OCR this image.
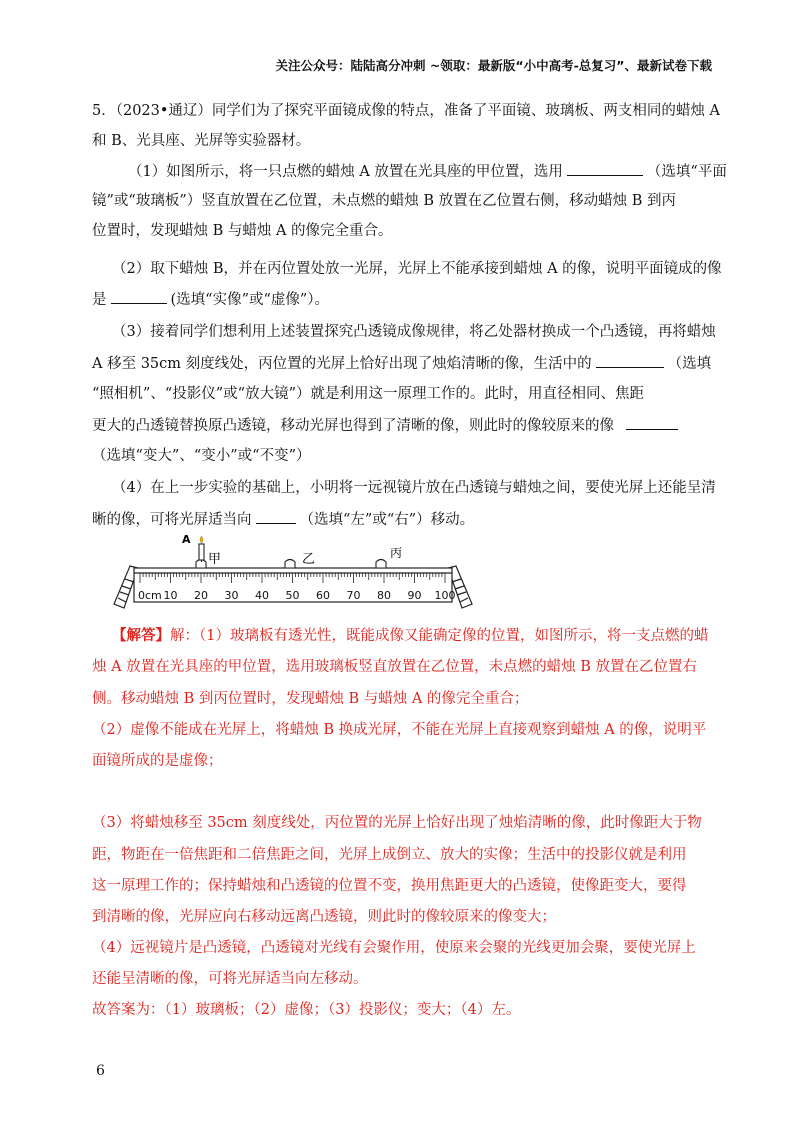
关注公众号：陆陆高分冲刺 ~领取：最新版“小中高考-总复习”、最新试卷下载
5．（2023•通辽）同学们为了探究平面镜成像的特点，准备了平面镜、玻璃板、两支相同的蜡烛 A
和 B、光具座、光屏等实验器材。
（1）如图所示，将一只点燃的蜡烛 A 放置在光具座的甲位置，选用	（选填“平面
镜”或“玻璃板”）竖直放置在乙位置，未点燃的蜡烛 B 放置在乙位置右侧，移动蜡烛 B 到丙
位置时，发现蜡烛 B 与蜡烛 A 的像完全重合。
（2）取下蜡烛 B，并在丙位置处放一光屏，光屏上不能承接到蜡烛 A 的像，说明平面镜成的像
是	(选填“实像”或“虚像”）。
（3）接着同学们想利用上述装置探究凸透镜成像规律，将乙处器材换成一个凸透镜，再将蜡烛
A 移至 35cm 刻度线处，丙位置的光屏上恰好出现了烛焰清晰的像，生活中的	（选填
“照相机”、“投影仪”或“放大镜”）就是利用这一原理工作的。此时，用直径相同、焦距
更大的凸透镜替换原凸透镜，移动光屏也得到了清晰的像，则此时的像较原来的像
（选填“变大”、“变小”或“不变”）
（4）在上一步实验的基础上，小明将一远视镜片放在凸透镜与蜡烛之间，要使光屏上还能呈清
晰的像，可将光屏适当向	（选填“左”或“右”）移动。
0cm 10 20 30 40 50 60 70 80 90 100
A
甲	乙	丙
【解答】解：（1）玻璃板有透光性，既能成像又能确定像的位置，如图所示，将一支点燃的蜡
烛 A 放置在光具座的甲位置，选用玻璃板竖直放置在乙位置，未点燃的蜡烛 B 放置在乙位置右
侧。移动蜡烛 B 到丙位置时，发现蜡烛 B 与蜡烛 A 的像完全重合；
（2）虚像不能成在光屏上，将蜡烛 B 换成光屏，不能在光屏上直接观察到蜡烛 A 的像，说明平
面镜所成的是虚像；
（3）将蜡烛移至 35cm 刻度线处，丙位置的光屏上恰好出现了烛焰清晰的像，此时像距大于物
距，物距在一倍焦距和二倍焦距之间，光屏上成倒立、放大的实像；生活中的投影仪就是利用
这一原理工作的；保持蜡烛和凸透镜的位置不变，换用焦距更大的凸透镜，使像距变大，要得
到清晰的像，光屏应向右移动远离凸透镜，则此时的像较原来的像变大；
（4）远视镜片是凸透镜，凸透镜对光线有会聚作用，使原来会聚的光线更加会聚，要使光屏上
还能呈清晰的像，可将光屏适当向左移动。
故答案为：（1）玻璃板；（2）虚像；（3）投影仪；变大；（4）左。
6
